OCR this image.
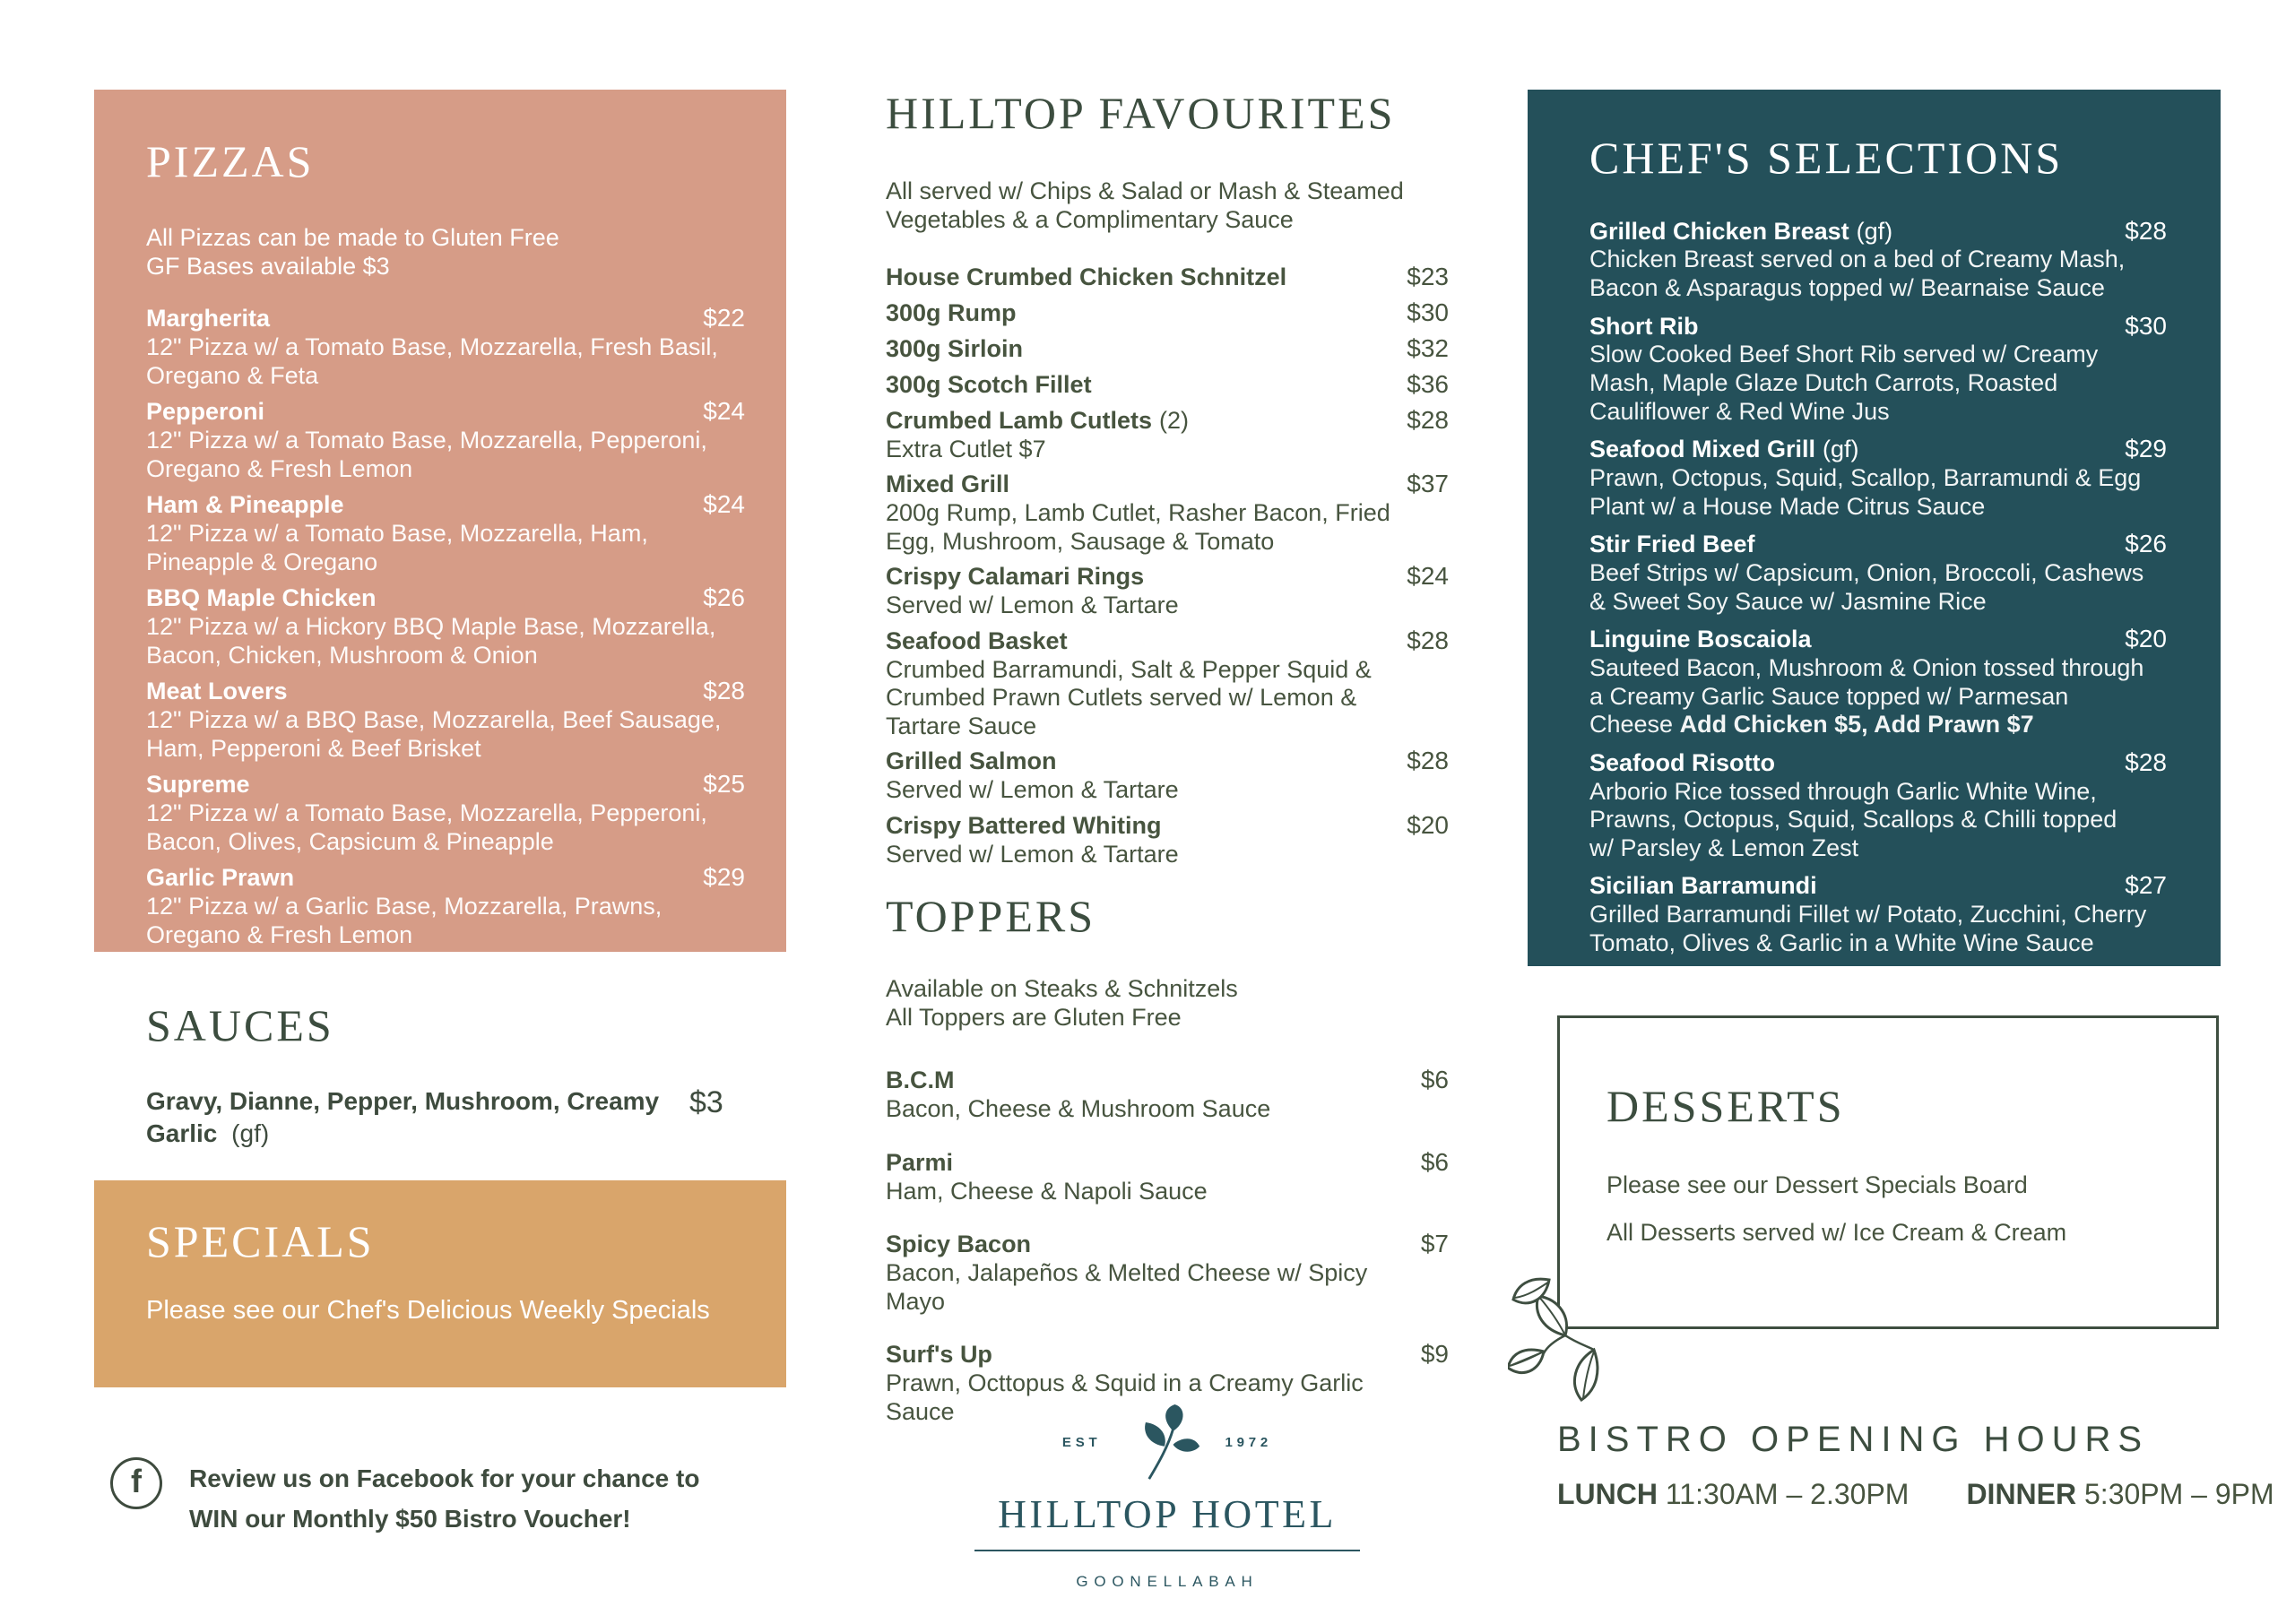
PIZZAS
All Pizzas can be made to Gluten Free
GF Bases available $3
Margherita	$22
12" Pizza w/ a Tomato Base, Mozzarella, Fresh Basil, Oregano & Feta
Pepperoni	$24
12" Pizza w/ a Tomato Base, Mozzarella, Pepperoni, Oregano & Fresh Lemon
Ham & Pineapple	$24
12" Pizza w/ a Tomato Base, Mozzarella, Ham, Pineapple & Oregano
BBQ Maple Chicken	$26
12" Pizza w/ a Hickory BBQ Maple Base, Mozzarella, Bacon, Chicken, Mushroom & Onion
Meat Lovers	$28
12" Pizza w/ a BBQ Base, Mozzarella, Beef Sausage, Ham, Pepperoni & Beef Brisket
Supreme	$25
12" Pizza w/ a Tomato Base, Mozzarella, Pepperoni, Bacon, Olives, Capsicum & Pineapple
Garlic Prawn	$29
12" Pizza w/ a Garlic Base, Mozzarella, Prawns, Oregano & Fresh Lemon
SAUCES
Gravy, Dianne, Pepper, Mushroom, Creamy Garlic (gf)
$3
SPECIALS
Please see our Chef's Delicious Weekly Specials
f	Review us on Facebook for your chance to
WIN our Monthly $50 Bistro Voucher!
HILLTOP FAVOURITES
All served w/ Chips & Salad or Mash & Steamed
Vegetables & a Complimentary Sauce
House Crumbed Chicken Schnitzel	$23
300g Rump	$30
300g Sirloin	$32
300g Scotch Fillet	$36
Crumbed Lamb Cutlets (2)	$28
Extra Cutlet $7
Mixed Grill	$37
200g Rump, Lamb Cutlet, Rasher Bacon, Fried Egg, Mushroom, Sausage & Tomato
Crispy Calamari Rings	$24
Served w/ Lemon & Tartare
Seafood Basket	$28
Crumbed Barramundi, Salt & Pepper Squid & Crumbed Prawn Cutlets served w/ Lemon & Tartare Sauce
Grilled Salmon	$28
Served w/ Lemon & Tartare
Crispy Battered Whiting	$20
Served w/ Lemon & Tartare
TOPPERS
Available on Steaks & Schnitzels
All Toppers are Gluten Free
B.C.M	$6
Bacon, Cheese & Mushroom Sauce
Parmi	$6
Ham, Cheese & Napoli Sauce
Spicy Bacon	$7
Bacon, Jalapeños & Melted Cheese w/ Spicy Mayo
Surf's Up	$9
Prawn, Octtopus & Squid in a Creamy Garlic Sauce
EST	1972
HILLTOP HOTEL
GOONELLABAH
CHEF'S SELECTIONS
Grilled Chicken Breast (gf)	$28
Chicken Breast served on a bed of Creamy Mash, Bacon & Asparagus topped w/ Bearnaise Sauce
Short Rib	$30
Slow Cooked Beef Short Rib served w/ Creamy Mash, Maple Glaze Dutch Carrots, Roasted Cauliflower & Red Wine Jus
Seafood Mixed Grill (gf)	$29
Prawn, Octopus, Squid, Scallop, Barramundi & Egg Plant w/ a House Made Citrus Sauce
Stir Fried Beef	$26
Beef Strips w/ Capsicum, Onion, Broccoli, Cashews & Sweet Soy Sauce w/ Jasmine Rice
Linguine Boscaiola	$20
Sauteed Bacon, Mushroom & Onion tossed through a Creamy Garlic Sauce topped w/ Parmesan Cheese Add Chicken $5, Add Prawn $7
Seafood Risotto	$28
Arborio Rice tossed through Garlic White Wine, Prawns, Octopus, Squid, Scallops & Chilli topped w/ Parsley & Lemon Zest
Sicilian Barramundi	$27
Grilled Barramundi Fillet w/ Potato, Zucchini, Cherry Tomato, Olives & Garlic in a White Wine Sauce
DESSERTS
Please see our Dessert Specials Board
All Desserts served w/ Ice Cream & Cream
BISTRO OPENING HOURS
LUNCH 11:30AM – 2.30PM DINNER 5:30PM – 9PM
